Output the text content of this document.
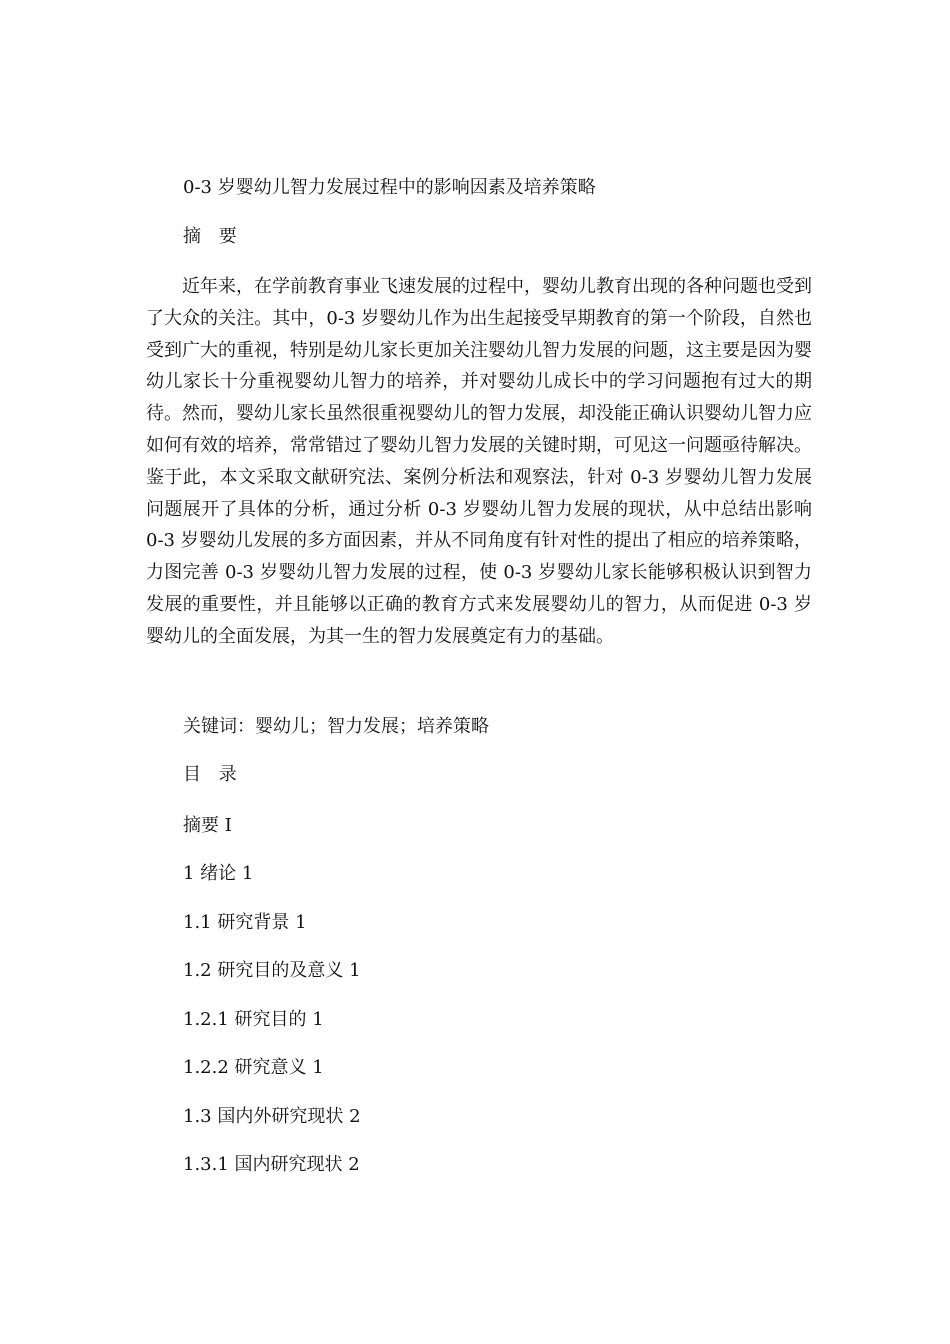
0-3 岁婴幼儿智力发展过程中的影响因素及培养策略
摘 要

近年来，在学前教育事业飞速发展的过程中，婴幼儿教育出现的各种问题也受到了大众的关注。其中，0-3 岁婴幼儿作为出生起接受早期教育的第一个阶段，自然也受到广大的重视，特别是幼儿家长更加关注婴幼儿智力发展的问题，这主要是因为婴幼儿家长十分重视婴幼儿智力的培养，并对婴幼儿成长中的学习问题抱有过大的期待。然而，婴幼儿家长虽然很重视婴幼儿的智力发展，却没能正确认识婴幼儿智力应如何有效的培养，常常错过了婴幼儿智力发展的关键时期，可见这一问题亟待解决。鉴于此，本文采取文献研究法、案例分析法和观察法，针对 0-3 岁婴幼儿智力发展问题展开了具体的分析，通过分析 0-3 岁婴幼儿智力发展的现状，从中总结出影响 0-3 岁婴幼儿发展的多方面因素，并从不同角度有针对性的提出了相应的培养策略，力图完善 0-3 岁婴幼儿智力发展的过程，使 0-3 岁婴幼儿家长能够积极认识到智力发展的重要性，并且能够以正确的教育方式来发展婴幼儿的智力，从而促进 0-3 岁婴幼儿的全面发展，为其一生的智力发展奠定有力的基础。

关键词：婴幼儿；智力发展；培养策略
目 录
摘要 I
1 绪论 1
1.1 研究背景 1
1.2 研究目的及意义 1
1.2.1 研究目的 1
1.2.2 研究意义 1
1.3 国内外研究现状 2
1.3.1 国内研究现状 2
